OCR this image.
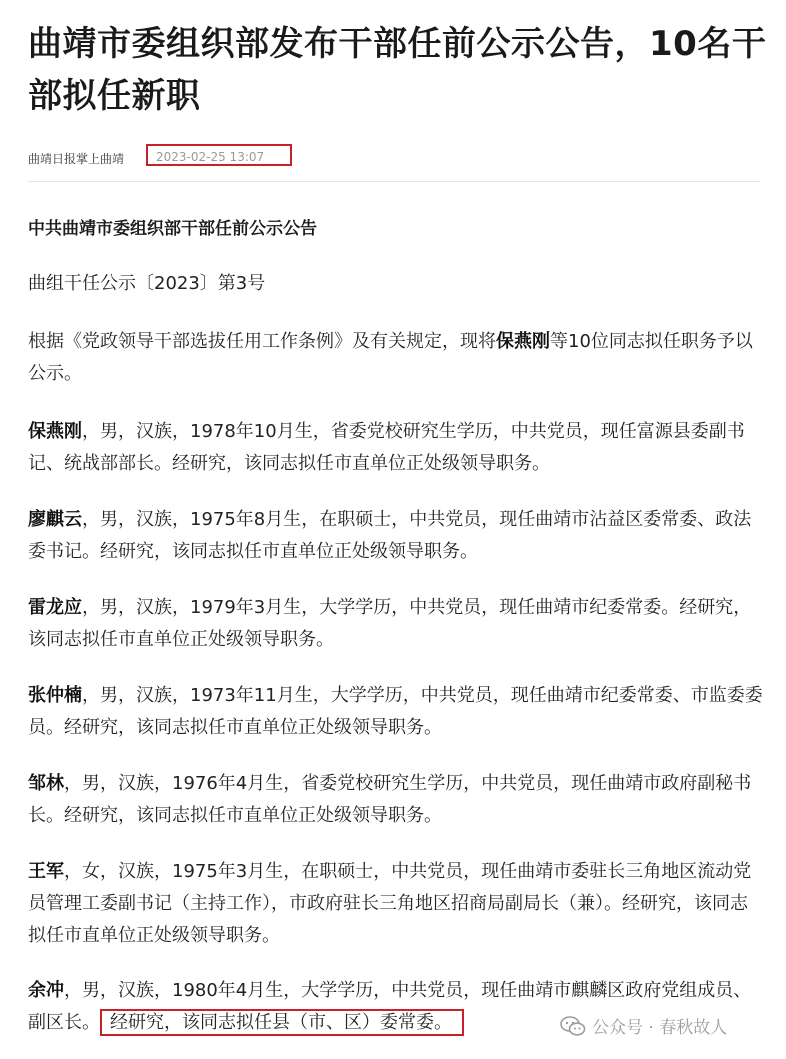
曲靖市委组织部发布干部任前公示公告，10名干部拟任新职
曲靖日报掌上曲靖	2023-02-25 13:07
中共曲靖市委组织部干部任前公示公告
曲组干任公示〔2023〕第3号
根据《党政领导干部选拔任用工作条例》及有关规定，现将保燕刚等10位同志拟任职务予以公示。
保燕刚，男，汉族，1978年10月生，省委党校研究生学历，中共党员，现任富源县委副书记、统战部部长。经研究，该同志拟任市直单位正处级领导职务。
廖麒云，男，汉族，1975年8月生，在职硕士，中共党员，现任曲靖市沾益区委常委、政法委书记。经研究，该同志拟任市直单位正处级领导职务。
雷龙应，男，汉族，1979年3月生，大学学历，中共党员，现任曲靖市纪委常委。经研究，该同志拟任市直单位正处级领导职务。
张仲楠，男，汉族，1973年11月生，大学学历，中共党员，现任曲靖市纪委常委、市监委委员。经研究，该同志拟任市直单位正处级领导职务。
邹林，男，汉族，1976年4月生，省委党校研究生学历，中共党员，现任曲靖市政府副秘书长。经研究，该同志拟任市直单位正处级领导职务。
王军，女，汉族，1975年3月生，在职硕士，中共党员，现任曲靖市委驻长三角地区流动党员管理工委副书记（主持工作），市政府驻长三角地区招商局副局长（兼）。经研究，该同志拟任市直单位正处级领导职务。
余冲，男，汉族，1980年4月生，大学学历，中共党员，现任曲靖市麒麟区政府党组成员、副区长。 经研究，该同志拟任县（市、区）委常委。	公众号 · 春秋故人
